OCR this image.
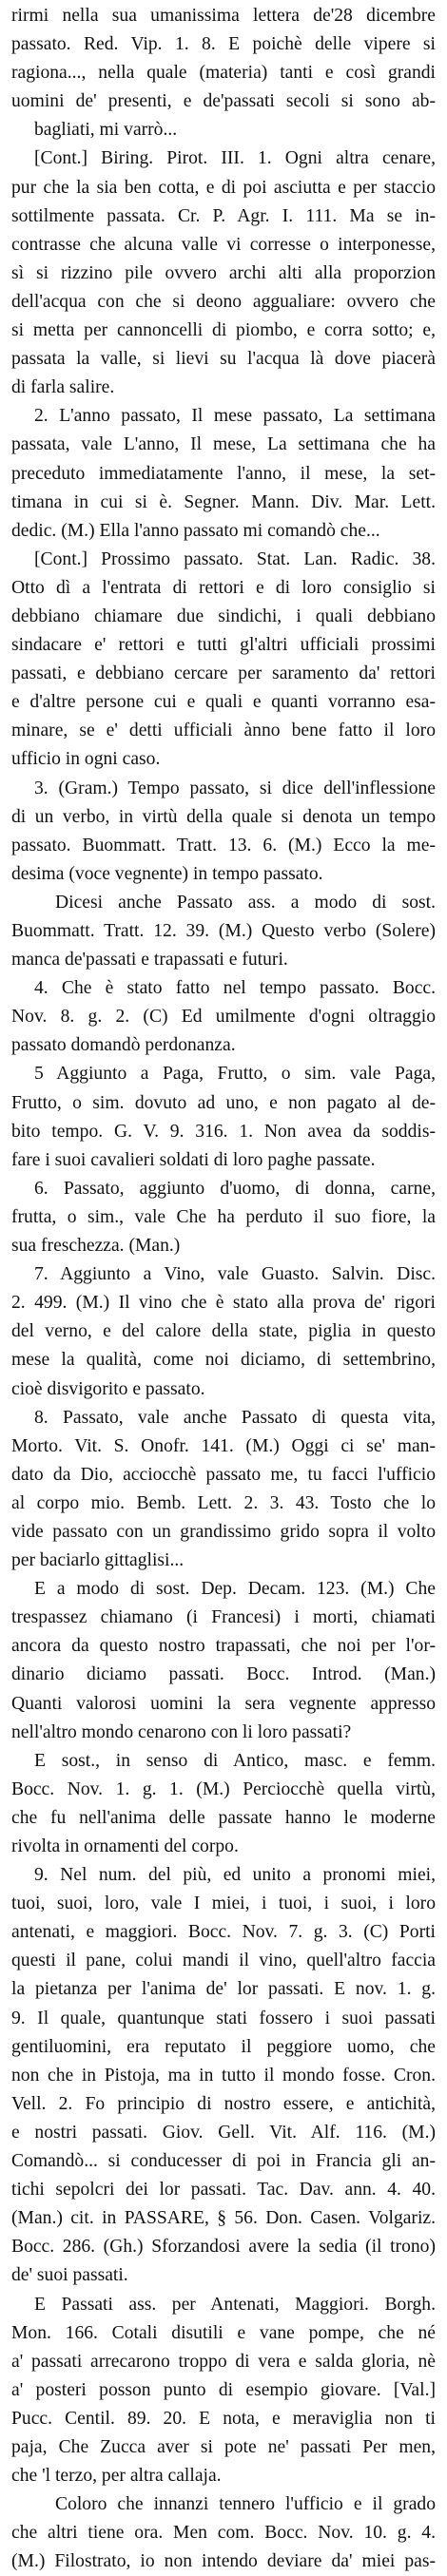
rirmi nella sua umanissima lettera de'28 dicembre
passato. Red. Vip. 1. 8. E poichè delle vipere si
ragiona..., nella quale (materia) tanti e così grandi
uomini de' presenti, e de'passati secoli si sono ab-
bagliati, mi varrò...
[Cont.] Biring. Pirot. III. 1. Ogni altra cenare,
pur che la sia ben cotta, e di poi asciutta e per staccio
sottilmente passata. Cr. P. Agr. I. 111. Ma se in-
contrasse che alcuna valle vi corresse o interponesse,
sì si rizzino pile ovvero archi alti alla proporzion
dell'acqua con che si deono aggualiare: ovvero che
si metta per cannoncelli di piombo, e corra sotto; e,
passata la valle, si lievi su l'acqua là dove piacerà
di farla salire.
2. L'anno passato, Il mese passato, La settimana
passata, vale L'anno, Il mese, La settimana che ha
preceduto immediatamente l'anno, il mese, la set-
timana in cui si è. Segner. Mann. Div. Mar. Lett.
dedic. (M.) Ella l'anno passato mi comandò che...
[Cont.] Prossimo passato. Stat. Lan. Radic. 38.
Otto dì a l'entrata di rettori e di loro consiglio si
debbiano chiamare due sindichi, i quali debbiano
sindacare e' rettori e tutti gl'altri ufficiali prossimi
passati, e debbiano cercare per saramento da' rettori
e d'altre persone cui e quali e quanti vorranno esa-
minare, se e' detti ufficiali ànno bene fatto il loro
ufficio in ogni caso.
3. (Gram.) Tempo passato, si dice dell'inflessione
di un verbo, in virtù della quale si denota un tempo
passato. Buommatt. Tratt. 13. 6. (M.) Ecco la me-
desima (voce vegnente) in tempo passato.
Dicesi anche Passato ass. a modo di sost.
Buommatt. Tratt. 12. 39. (M.) Questo verbo (Solere)
manca de'passati e trapassati e futuri.
4. Che è stato fatto nel tempo passato. Bocc.
Nov. 8. g. 2. (C) Ed umilmente d'ogni oltraggio
passato domandò perdonanza.
5 Aggiunto a Paga, Frutto, o sim. vale Paga,
Frutto, o sim. dovuto ad uno, e non pagato al de-
bito tempo. G. V. 9. 316. 1. Non avea da soddis-
fare i suoi cavalieri soldati di loro paghe passate.
6. Passato, aggiunto d'uomo, di donna, carne,
frutta, o sim., vale Che ha perduto il suo fiore, la
sua freschezza. (Man.)
7. Aggiunto a Vino, vale Guasto. Salvin. Disc.
2. 499. (M.) Il vino che è stato alla prova de' rigori
del verno, e del calore della state, piglia in questo
mese la qualità, come noi diciamo, di settembrino,
cioè disvigorito e passato.
8. Passato, vale anche Passato di questa vita,
Morto. Vit. S. Onofr. 141. (M.) Oggi ci se' man-
dato da Dio, acciocchè passato me, tu facci l'ufficio
al corpo mio. Bemb. Lett. 2. 3. 43. Tosto che lo
vide passato con un grandissimo grido sopra il volto
per baciarlo gittaglisi...
E a modo di sost. Dep. Decam. 123. (M.) Che
trespassez chiamano (i Francesi) i morti, chiamati
ancora da questo nostro trapassati, che noi per l'or-
dinario diciamo passati. Bocc. Introd. (Man.)
Quanti valorosi uomini la sera vegnente appresso
nell'altro mondo cenarono con li loro passati?
E sost., in senso di Antico, masc. e femm.
Bocc. Nov. 1. g. 1. (M.) Perciocchè quella virtù,
che fu nell'anima delle passate hanno le moderne
rivolta in ornamenti del corpo.
9. Nel num. del più, ed unito a pronomi miei,
tuoi, suoi, loro, vale I miei, i tuoi, i suoi, i loro
antenati, e maggiori. Bocc. Nov. 7. g. 3. (C) Porti
questi il pane, colui mandi il vino, quell'altro faccia
la pietanza per l'anima de' lor passati. E nov. 1. g.
9. Il quale, quantunque stati fossero i suoi passati
gentiluomini, era reputato il peggiore uomo, che
non che in Pistoja, ma in tutto il mondo fosse. Cron.
Vell. 2. Fo principio di nostro essere, e antichità,
e nostri passati. Giov. Gell. Vit. Alf. 116. (M.)
Comandò... si conducesser di poi in Francia gli an-
tichi sepolcri dei lor passati. Tac. Dav. ann. 4. 40.
(Man.) cit. in PASSARE, § 56. Don. Casen. Volgariz.
Bocc. 286. (Gh.) Sforzandosi avere la sedia (il trono)
de' suoi passati.
E Passati ass. per Antenati, Maggiori. Borgh.
Mon. 166. Cotali disutili e vane pompe, che né
a' passati arrecarono troppo di vera e salda gloria, nè
a' posteri posson punto di esempio giovare. [Val.]
Pucc. Centil. 89. 20. E nota, e meraviglia non ti
paja, Che Zucca aver si pote ne' passati Per men,
che 'l terzo, per altra callaja.
Coloro che innanzi tennero l'ufficio e il grado
che altri tiene ora. Men com. Bocc. Nov. 10. g. 4.
(M.) Filostrato, io non intendo deviare da' miei pas-
